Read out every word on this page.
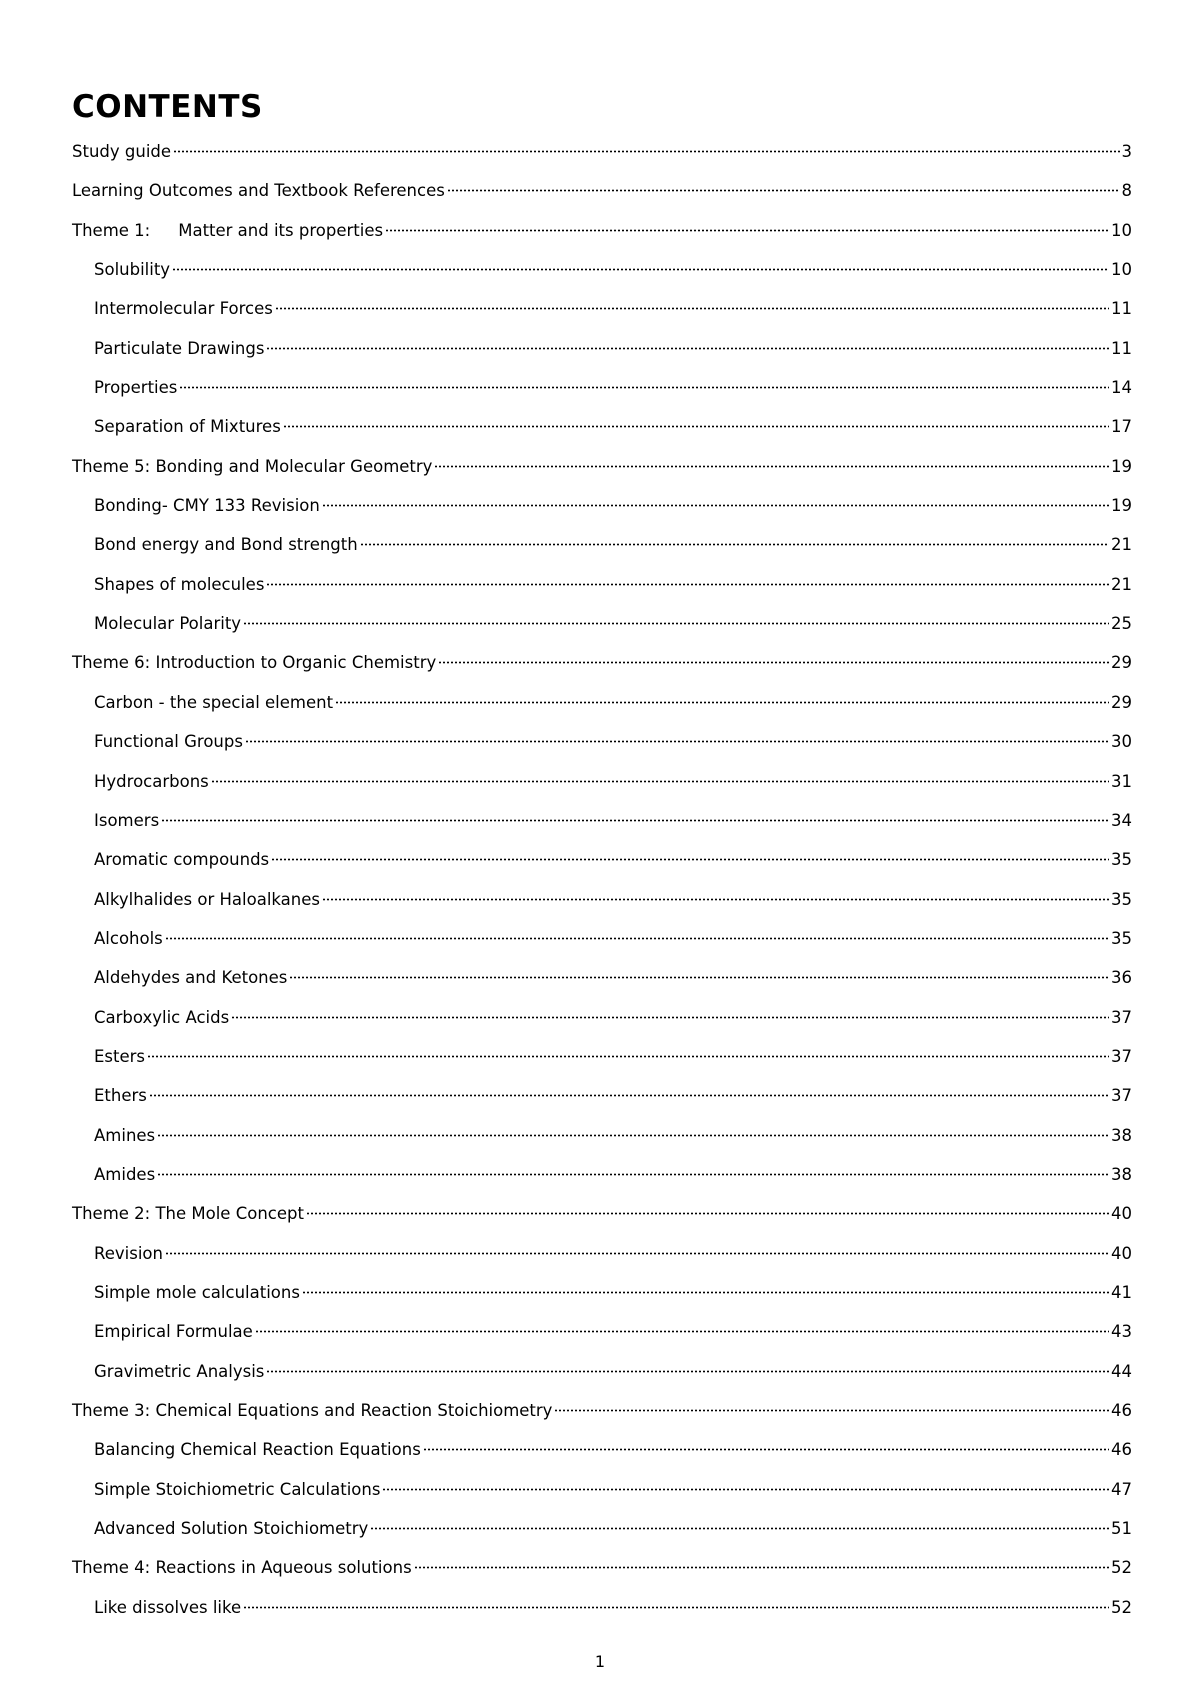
CONTENTS
Study guide	3
Learning Outcomes and Textbook References	8
Theme 1: Matter and its properties	10
Solubility	10
Intermolecular Forces	11
Particulate Drawings	11
Properties	14
Separation of Mixtures	17
Theme 5: Bonding and Molecular Geometry	19
Bonding- CMY 133 Revision	19
Bond energy and Bond strength	21
Shapes of molecules	21
Molecular Polarity	25
Theme 6: Introduction to Organic Chemistry	29
Carbon - the special element	29
Functional Groups	30
Hydrocarbons	31
Isomers	34
Aromatic compounds	35
Alkylhalides or Haloalkanes	35
Alcohols	35
Aldehydes and Ketones	36
Carboxylic Acids	37
Esters	37
Ethers	37
Amines	38
Amides	38
Theme 2: The Mole Concept	40
Revision	40
Simple mole calculations	41
Empirical Formulae	43
Gravimetric Analysis	44
Theme 3: Chemical Equations and Reaction Stoichiometry	46
Balancing Chemical Reaction Equations	46
Simple Stoichiometric Calculations	47
Advanced Solution Stoichiometry	51
Theme 4: Reactions in Aqueous solutions	52
Like dissolves like	52
1
